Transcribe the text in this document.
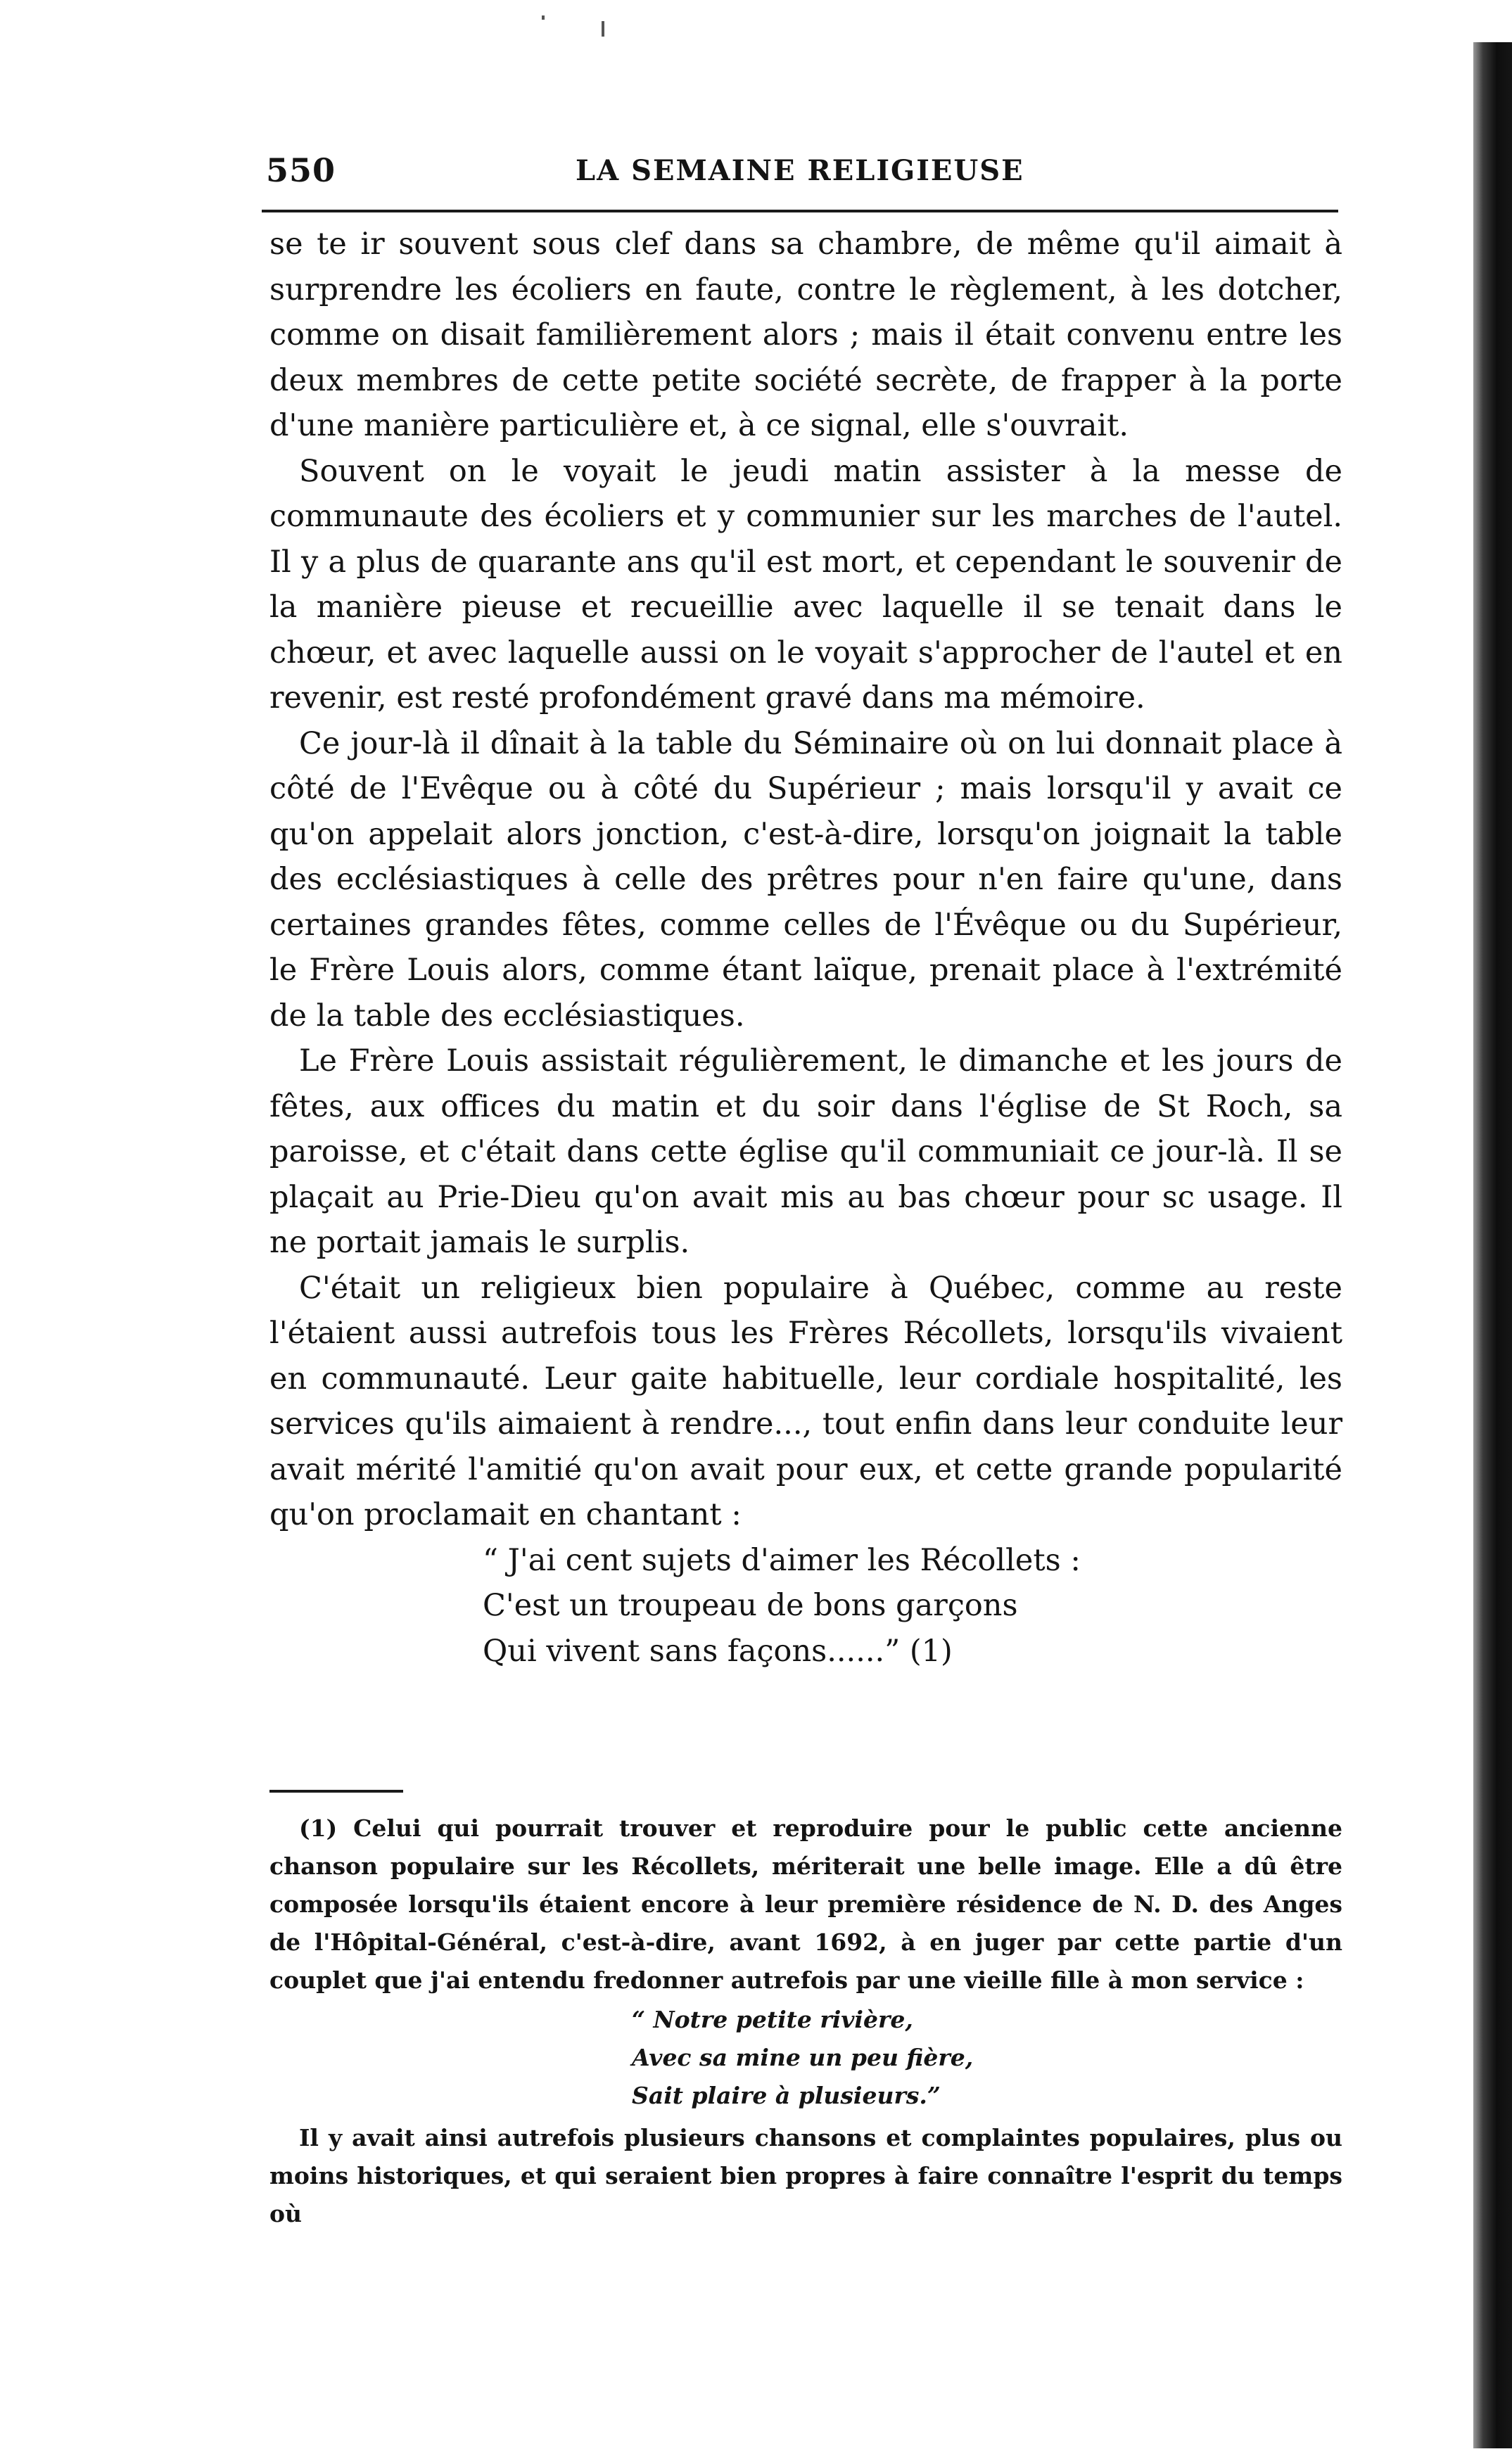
550	LA SEMAINE RELIGIEUSE

se te ir souvent sous clef dans sa chambre, de même qu'il aimait à surprendre les écoliers en faute, contre le règlement, à les dotcher, comme on disait familièrement alors ; mais il était convenu entre les deux membres de cette petite société secrète, de frapper à la porte d'une manière particulière et, à ce signal, elle s'ouvrait.

Souvent on le voyait le jeudi matin assister à la messe de communaute des écoliers et y communier sur les marches de l'autel. Il y a plus de quarante ans qu'il est mort, et cependant le souvenir de la manière pieuse et recueillie avec laquelle il se tenait dans le chœur, et avec laquelle aussi on le voyait s'approcher de l'autel et en revenir, est resté profondément gravé dans ma mémoire.

Ce jour-là il dînait à la table du Séminaire où on lui donnait place à côté de l'Evêque ou à côté du Supérieur ; mais lorsqu'il y avait ce qu'on appelait alors jonction, c'est-à-dire, lorsqu'on joignait la table des ecclésiastiques à celle des prêtres pour n'en faire qu'une, dans certaines grandes fêtes, comme celles de l'Évêque ou du Supérieur, le Frère Louis alors, comme étant laïque, prenait place à l'extrémité de la table des ecclésiastiques.

Le Frère Louis assistait régulièrement, le dimanche et les jours de fêtes, aux offices du matin et du soir dans l'église de St Roch, sa paroisse, et c'était dans cette église qu'il communiait ce jour-là. Il se plaçait au Prie-Dieu qu'on avait mis au bas chœur pour sc usage. Il ne portait jamais le surplis.

C'était un religieux bien populaire à Québec, comme au reste l'étaient aussi autrefois tous les Frères Récollets, lorsqu'ils vivaient en communauté. Leur gaite habituelle, leur cordiale hospitalité, les services qu'ils aimaient à rendre..., tout enfin dans leur conduite leur avait mérité l'amitié qu'on avait pour eux, et cette grande popularité qu'on proclamait en chantant :

“ J'ai cent sujets d'aimer les Récollets :
C'est un troupeau de bons garçons
Qui vivent sans façons......” (1)

(1) Celui qui pourrait trouver et reproduire pour le public cette ancienne chanson populaire sur les Récollets, mériterait une belle image. Elle a dû être composée lorsqu'ils étaient encore à leur première résidence de N. D. des Anges de l'Hôpital-Général, c'est-à-dire, avant 1692, à en juger par cette partie d'un couplet que j'ai entendu fredonner autrefois par une vieille fille à mon service :

“ Notre petite rivière,
Avec sa mine un peu fière,
Sait plaire à plusieurs.”

Il y avait ainsi autrefois plusieurs chansons et complaintes populaires, plus ou moins historiques, et qui seraient bien propres à faire connaître l'esprit du temps où
